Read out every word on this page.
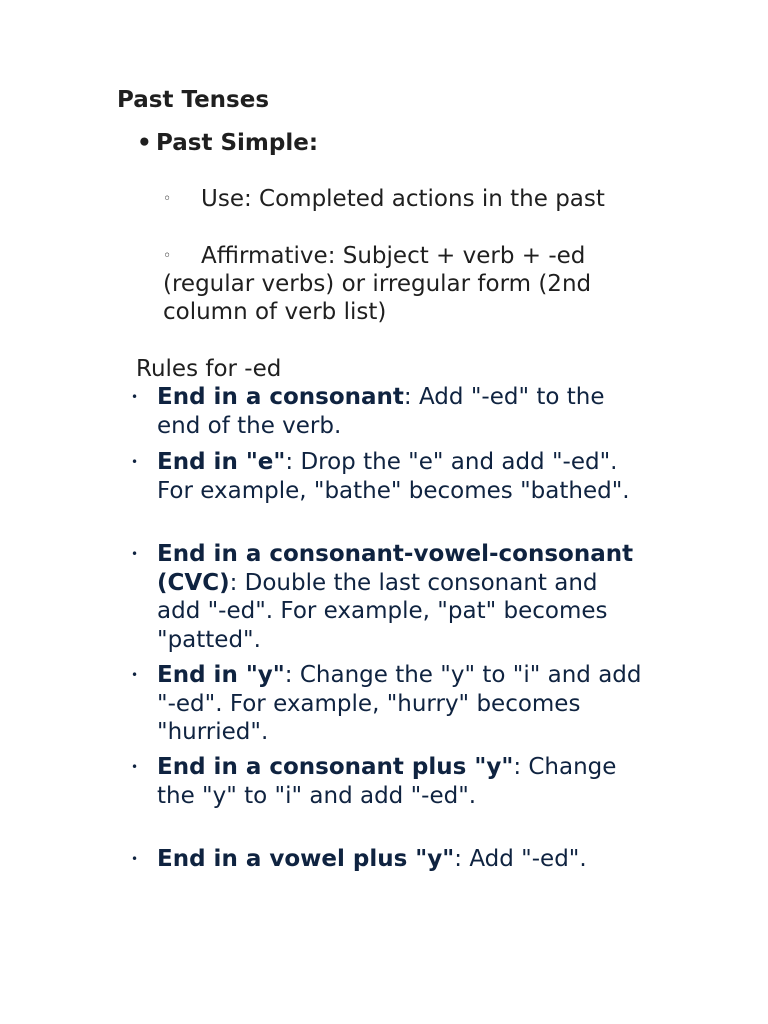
Past Tenses
• Past Simple:
◦ Use: Completed actions in the past
◦ Affirmative: Subject + verb + -ed (regular verbs) or irregular form (2nd column of verb list)
Rules for -ed
• End in a consonant: Add "-ed" to the end of the verb.
• End in "e": Drop the "e" and add "-ed". For example, "bathe" becomes "bathed".
• End in a consonant-vowel-consonant (CVC): Double the last consonant and add "-ed". For example, "pat" becomes "patted".
• End in "y": Change the "y" to "i" and add "-ed". For example, "hurry" becomes "hurried".
• End in a consonant plus "y": Change the "y" to "i" and add "-ed".
• End in a vowel plus "y": Add "-ed".
